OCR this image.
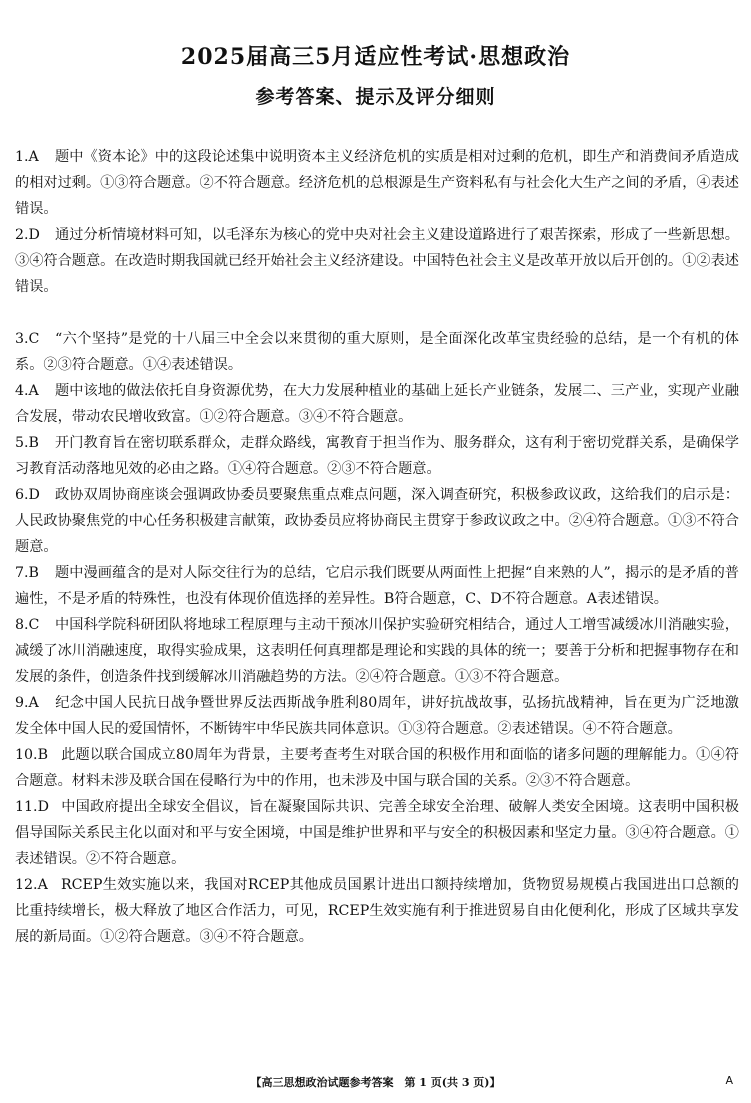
2025届高三5月适应性考试·思想政治
参考答案、提示及评分细则

1.A 题中《资本论》中的这段论述集中说明资本主义经济危机的实质是相对过剩的危机，即生产和消费间矛盾造成的相对过剩。①③符合题意。②不符合题意。经济危机的总根源是生产资料私有与社会化大生产之间的矛盾，④表述错误。

2.D 通过分析情境材料可知，以毛泽东为核心的党中央对社会主义建设道路进行了艰苦探索，形成了一些新思想。③④符合题意。在改造时期我国就已经开始社会主义经济建设。中国特色社会主义是改革开放以后开创的。①②表述错误。

3.C “六个坚持”是党的十八届三中全会以来贯彻的重大原则，是全面深化改革宝贵经验的总结，是一个有机的体系。②③符合题意。①④表述错误。

4.A 题中该地的做法依托自身资源优势，在大力发展种植业的基础上延长产业链条，发展二、三产业，实现产业融合发展，带动农民增收致富。①②符合题意。③④不符合题意。

5.B 开门教育旨在密切联系群众，走群众路线，寓教育于担当作为、服务群众，这有利于密切党群关系，是确保学习教育活动落地见效的必由之路。①④符合题意。②③不符合题意。

6.D 政协双周协商座谈会强调政协委员要聚焦重点难点问题，深入调查研究，积极参政议政，这给我们的启示是：人民政协聚焦党的中心任务积极建言献策，政协委员应将协商民主贯穿于参政议政之中。②④符合题意。①③不符合题意。

7.B 题中漫画蕴含的是对人际交往行为的总结，它启示我们既要从两面性上把握“自来熟的人”，揭示的是矛盾的普遍性，不是矛盾的特殊性，也没有体现价值选择的差异性。B符合题意，C、D不符合题意。A表述错误。

8.C 中国科学院科研团队将地球工程原理与主动干预冰川保护实验研究相结合，通过人工增雪减缓冰川消融实验，减缓了冰川消融速度，取得实验成果，这表明任何真理都是理论和实践的具体的统一；要善于分析和把握事物存在和发展的条件，创造条件找到缓解冰川消融趋势的方法。②④符合题意。①③不符合题意。

9.A 纪念中国人民抗日战争暨世界反法西斯战争胜利80周年，讲好抗战故事，弘扬抗战精神，旨在更为广泛地激发全体中国人民的爱国情怀，不断铸牢中华民族共同体意识。①③符合题意。②表述错误。④不符合题意。

10.B 此题以联合国成立80周年为背景，主要考查考生对联合国的积极作用和面临的诸多问题的理解能力。①④符合题意。材料未涉及联合国在侵略行为中的作用，也未涉及中国与联合国的关系。②③不符合题意。

11.D 中国政府提出全球安全倡议，旨在凝聚国际共识、完善全球安全治理、破解人类安全困境。这表明中国积极倡导国际关系民主化以面对和平与安全困境，中国是维护世界和平与安全的积极因素和坚定力量。③④符合题意。①表述错误。②不符合题意。

12.A RCEP生效实施以来，我国对RCEP其他成员国累计进出口额持续增加，货物贸易规模占我国进出口总额的比重持续增长，极大释放了地区合作活力，可见，RCEP生效实施有利于推进贸易自由化便利化，形成了区域共享发展的新局面。①②符合题意。③④不符合题意。

【高三思想政治试题参考答案　第 1 页(共 3 页)】	A
